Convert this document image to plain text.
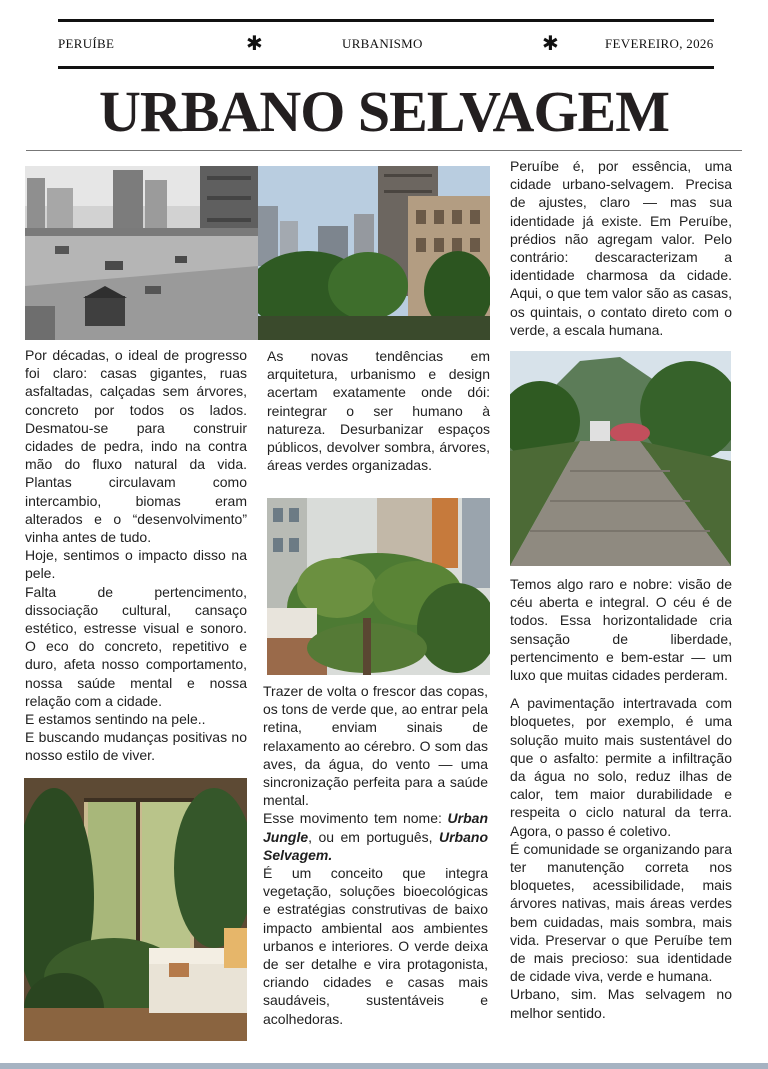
PERUÍBE	✱	URBANISMO	✱	FEVEREIRO, 2026
URBANO SELVAGEM

Por décadas, o ideal de progresso foi claro: casas gigantes, ruas asfaltadas, calçadas sem árvores, concreto por todos os lados. Desmatou-se para construir cidades de pedra, indo na contra mão do fluxo natural da vida. Plantas circulavam como intercambio, biomas eram alterados e o “desenvolvimento” vinha antes de tudo.

Hoje, sentimos o impacto disso na pele.

Falta de pertencimento, dissociação cultural, cansaço estético, estresse visual e sonoro. O eco do concreto, repetitivo e duro, afeta nosso comportamento, nossa saúde mental e nossa relação com a cidade.

E estamos sentindo na pele..

E buscando mudanças positivas no nosso estilo de viver.

As novas tendências em arquitetura, urbanismo e design acertam exatamente onde dói: reintegrar o ser humano à natureza. Desurbanizar espaços públicos, devolver sombra, árvores, áreas verdes organizadas.

Trazer de volta o frescor das copas, os tons de verde que, ao entrar pela retina, enviam sinais de relaxamento ao cérebro. O som das aves, da água, do vento — uma sincronização perfeita para a saúde mental.

Esse movimento tem nome: Urban Jungle, ou em português, Urbano Selvagem.

É um conceito que integra vegetação, soluções bioecológicas e estratégias construtivas de baixo impacto ambiental aos ambientes urbanos e interiores. O verde deixa de ser detalhe e vira protagonista, criando cidades e casas mais saudáveis, sustentáveis e acolhedoras.

Peruíbe é, por essência, uma cidade urbano-selvagem. Precisa de ajustes, claro — mas sua identidade já existe. Em Peruíbe, prédios não agregam valor. Pelo contrário: descaracterizam a identidade charmosa da cidade. Aqui, o que tem valor são as casas, os quintais, o contato direto com o verde, a escala humana.

Temos algo raro e nobre: visão de céu aberta e integral. O céu é de todos. Essa horizontalidade cria sensação de liberdade, pertencimento e bem-estar — um luxo que muitas cidades perderam.

A pavimentação intertravada com bloquetes, por exemplo, é uma solução muito mais sustentável do que o asfalto: permite a infiltração da água no solo, reduz ilhas de calor, tem maior durabilidade e respeita o ciclo natural da terra. Agora, o passo é coletivo.

É comunidade se organizando para ter manutenção correta nos bloquetes, acessibilidade, mais árvores nativas, mais áreas verdes bem cuidadas, mais sombra, mais vida. Preservar o que Peruíbe tem de mais precioso: sua identidade de cidade viva, verde e humana.

Urbano, sim. Mas selvagem no melhor sentido.
